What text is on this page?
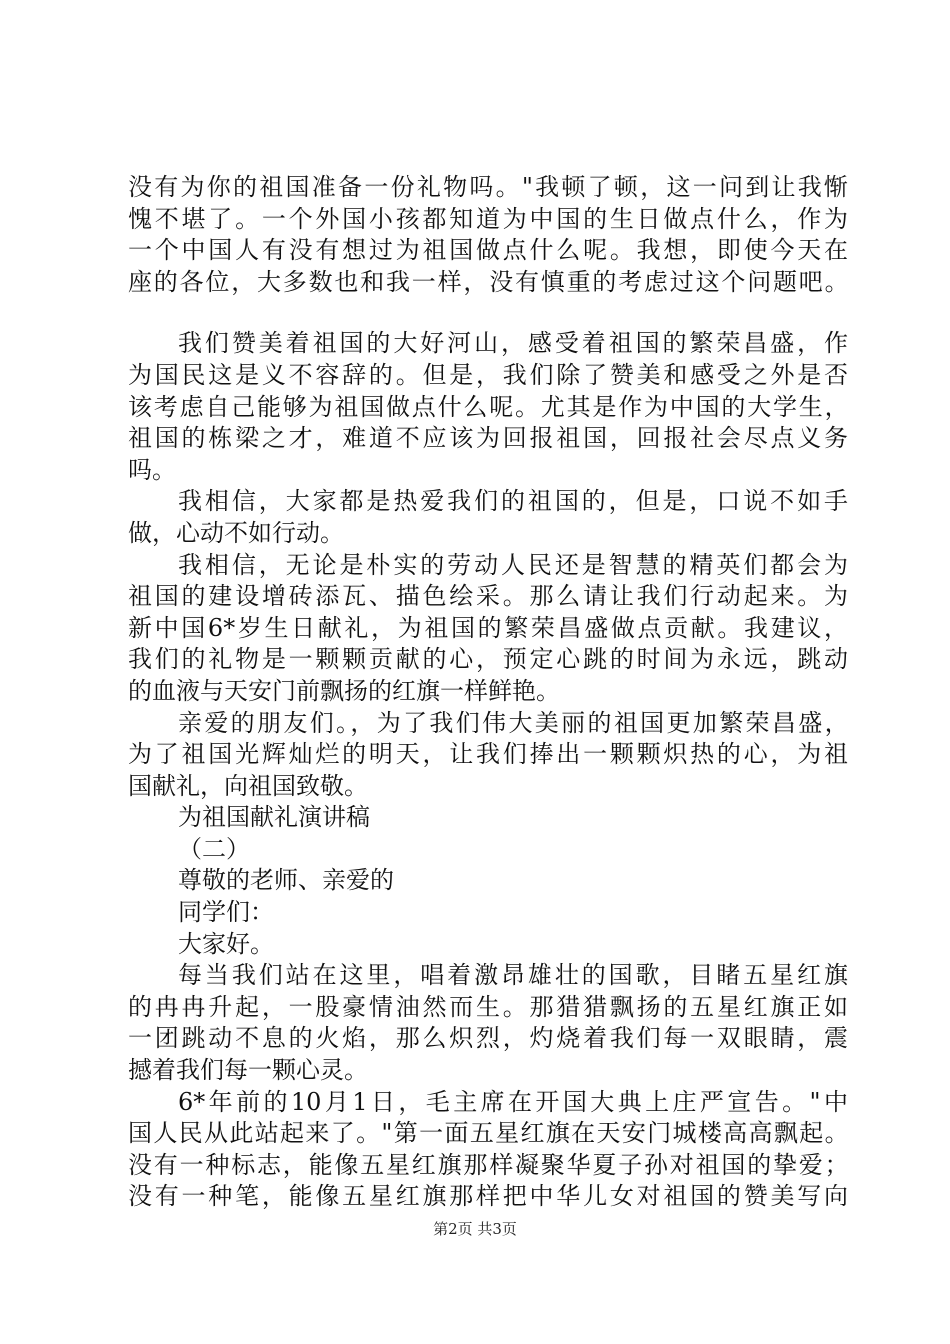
没有为你的祖国准备一份礼物吗。"我顿了顿，这一问到让我惭
愧不堪了。一个外国小孩都知道为中国的生日做点什么，作为
一个中国人有没有想过为祖国做点什么呢。我想，即使今天在
座的各位，大多数也和我一样，没有慎重的考虑过这个问题吧。
我们赞美着祖国的大好河山，感受着祖国的繁荣昌盛，作
为国民这是义不容辞的。但是，我们除了赞美和感受之外是否
该考虑自己能够为祖国做点什么呢。尤其是作为中国的大学生，
祖国的栋梁之才，难道不应该为回报祖国，回报社会尽点义务
吗。
我相信，大家都是热爱我们的祖国的，但是，口说不如手
做，心动不如行动。
我相信，无论是朴实的劳动人民还是智慧的精英们都会为
祖国的建设增砖添瓦、描色绘采。那么请让我们行动起来。为
新中国6*岁生日献礼，为祖国的繁荣昌盛做点贡献。我建议，
我们的礼物是一颗颗贡献的心，预定心跳的时间为永远，跳动
的血液与天安门前飘扬的红旗一样鲜艳。
亲爱的朋友们。，为了我们伟大美丽的祖国更加繁荣昌盛，
为了祖国光辉灿烂的明天，让我们捧出一颗颗炽热的心，为祖
国献礼，向祖国致敬。
为祖国献礼演讲稿
（二）
尊敬的老师、亲爱的
同学们：
大家好。
每当我们站在这里，唱着激昂雄壮的国歌，目睹五星红旗
的冉冉升起，一股豪情油然而生。那猎猎飘扬的五星红旗正如
一团跳动不息的火焰，那么炽烈，灼烧着我们每一双眼睛，震
撼着我们每一颗心灵。
6*年前的10月1日，毛主席在开国大典上庄严宣告。"中
国人民从此站起来了。"第一面五星红旗在天安门城楼高高飘起。
没有一种标志，能像五星红旗那样凝聚华夏子孙对祖国的挚爱；
没有一种笔，能像五星红旗那样把中华儿女对祖国的赞美写向
第2页 共3页
